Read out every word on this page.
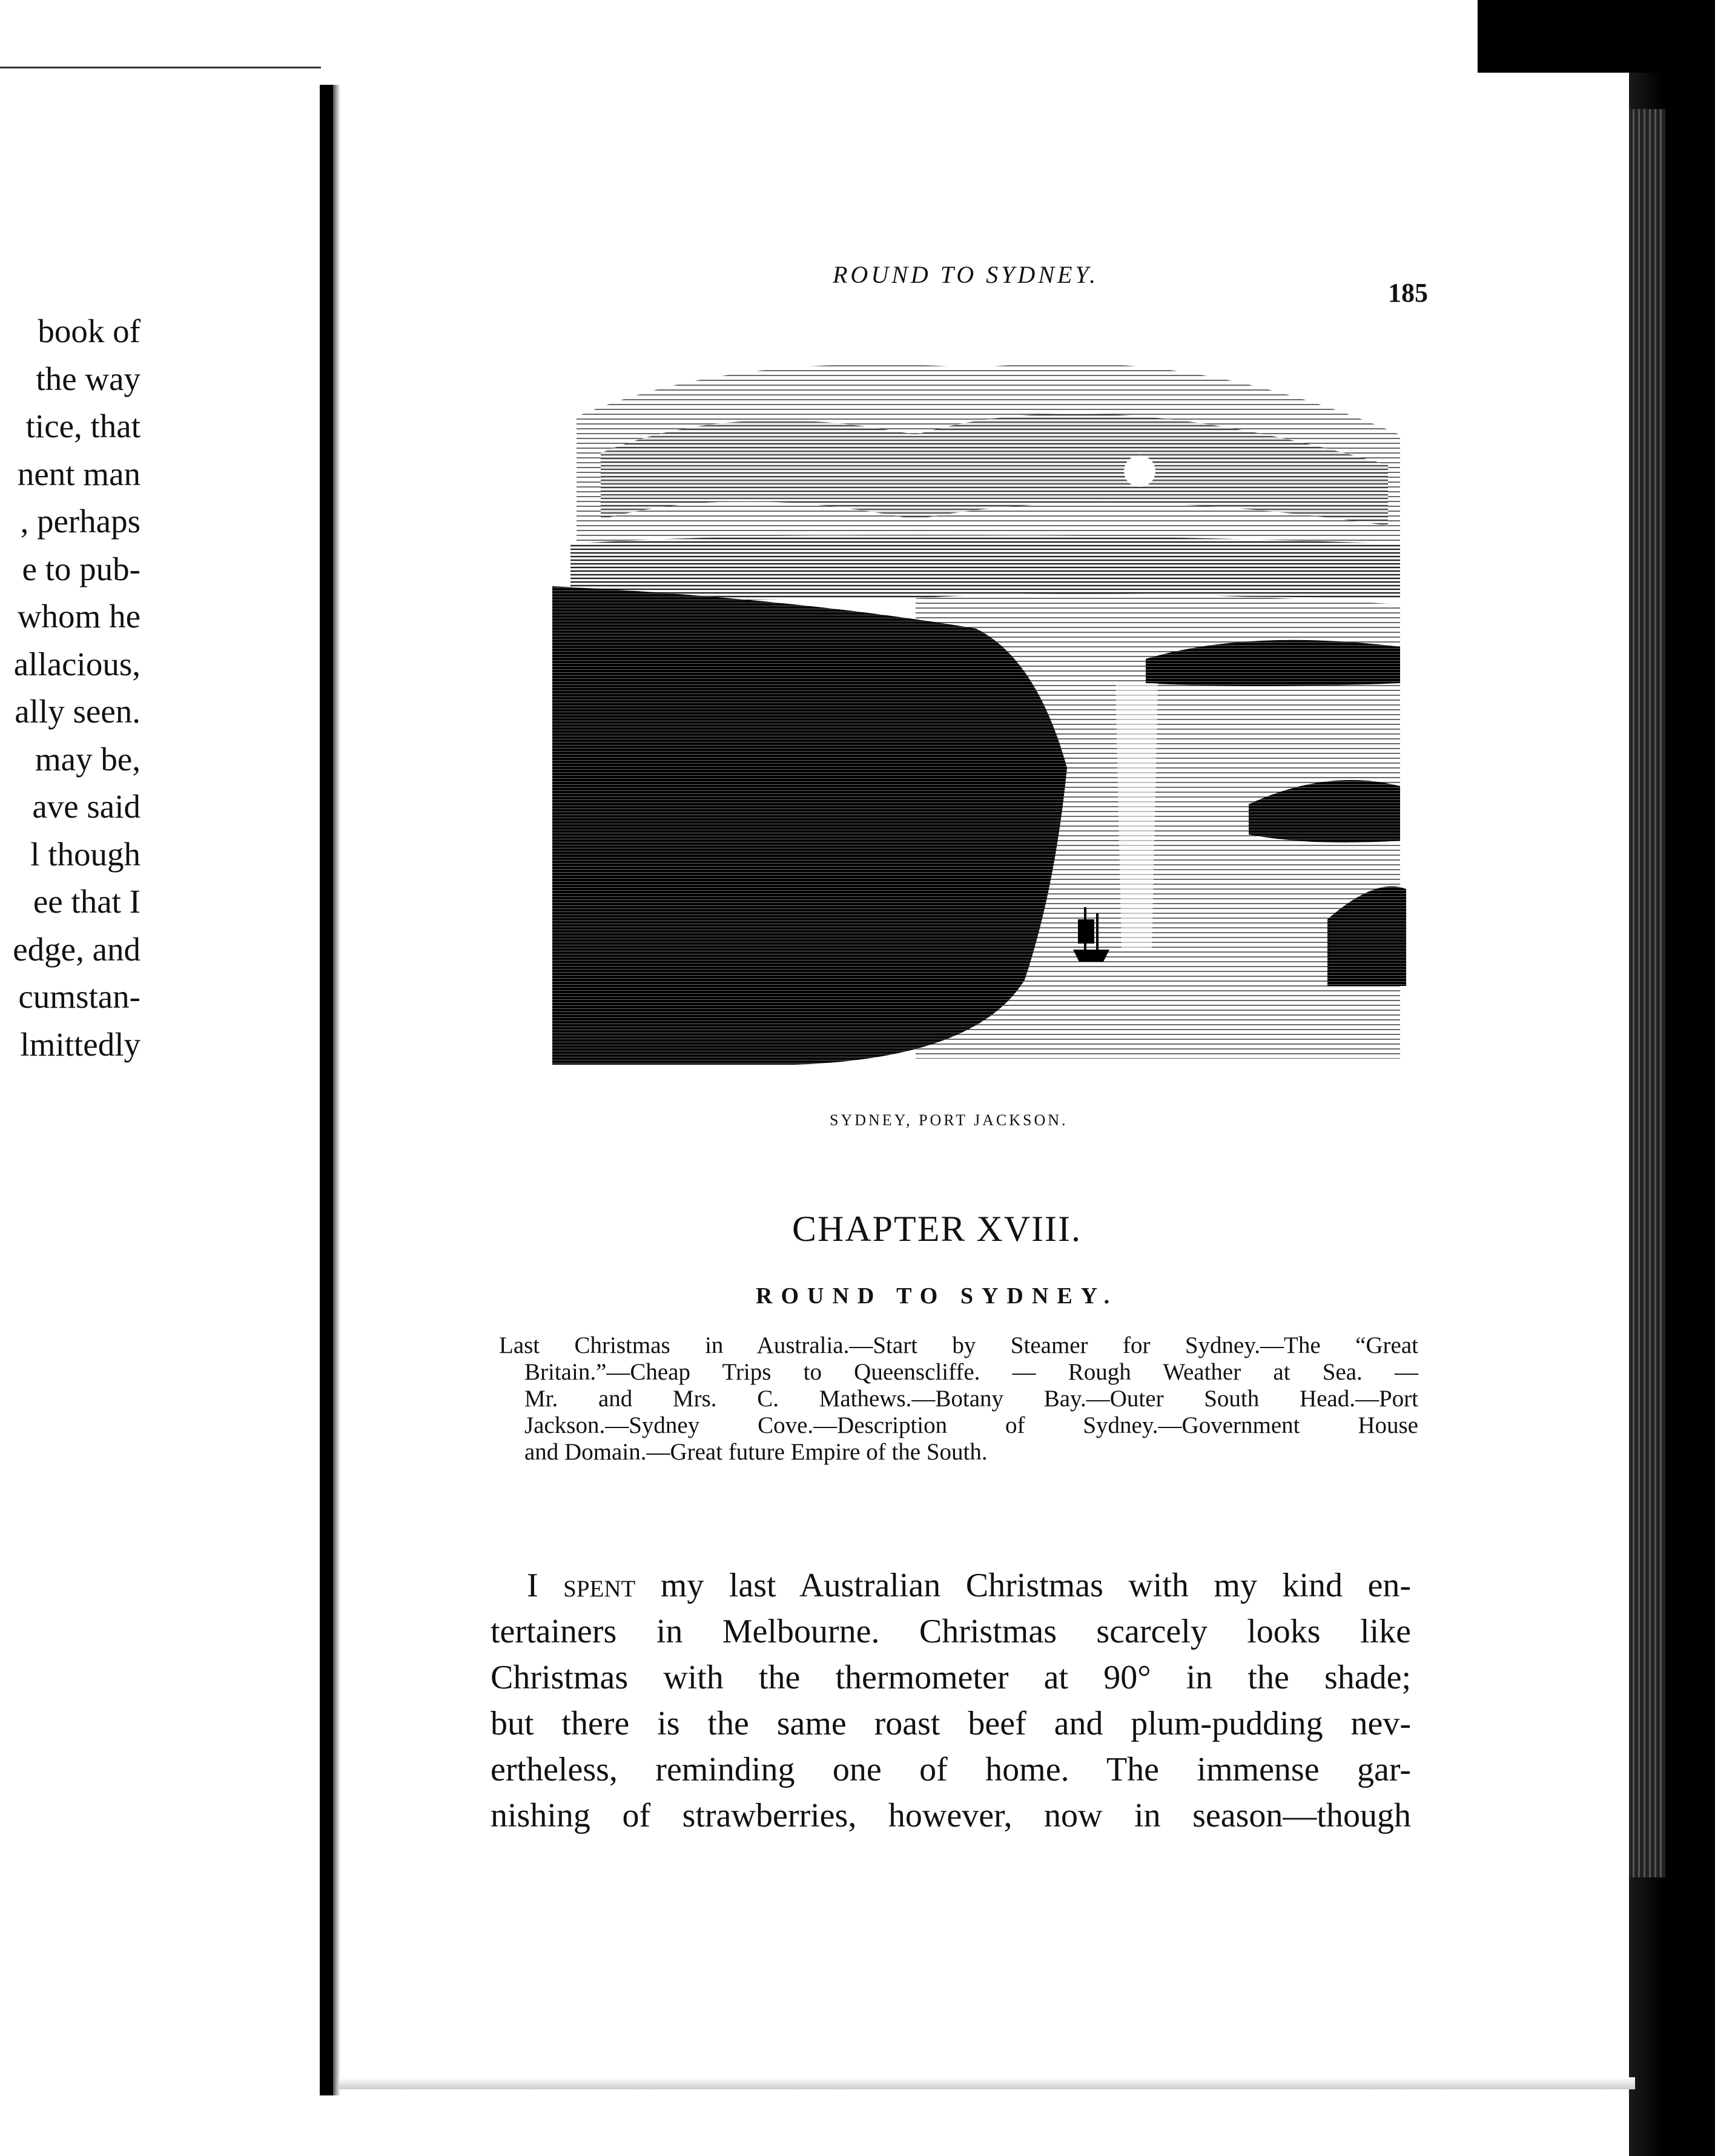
book of
the way
tice, that
nent man
, perhaps
e to pub-
whom he
allacious,
ally seen.
may be,
ave said
l though
ee that I
edge, and
cumstan-
lmittedly
ROUND TO SYDNEY.
185
SYDNEY, PORT JACKSON.
CHAPTER XVIII.
ROUND TO SYDNEY.
Last Christmas in Australia.—Start by Steamer for Sydney.—The “Great
Britain.”—Cheap Trips to Queenscliffe. — Rough Weather at Sea. —
Mr. and Mrs. C. Mathews.—Botany Bay.—Outer South Head.—Port
Jackson.—Sydney Cove.—Description of Sydney.—Government House
and Domain.—Great future Empire of the South.
I spent my last Australian Christmas with my kind en-
tertainers in Melbourne. Christmas scarcely looks like
Christmas with the thermometer at 90° in the shade;
but there is the same roast beef and plum-pudding nev-
ertheless, reminding one of home. The immense gar-
nishing of strawberries, however, now in season—though
